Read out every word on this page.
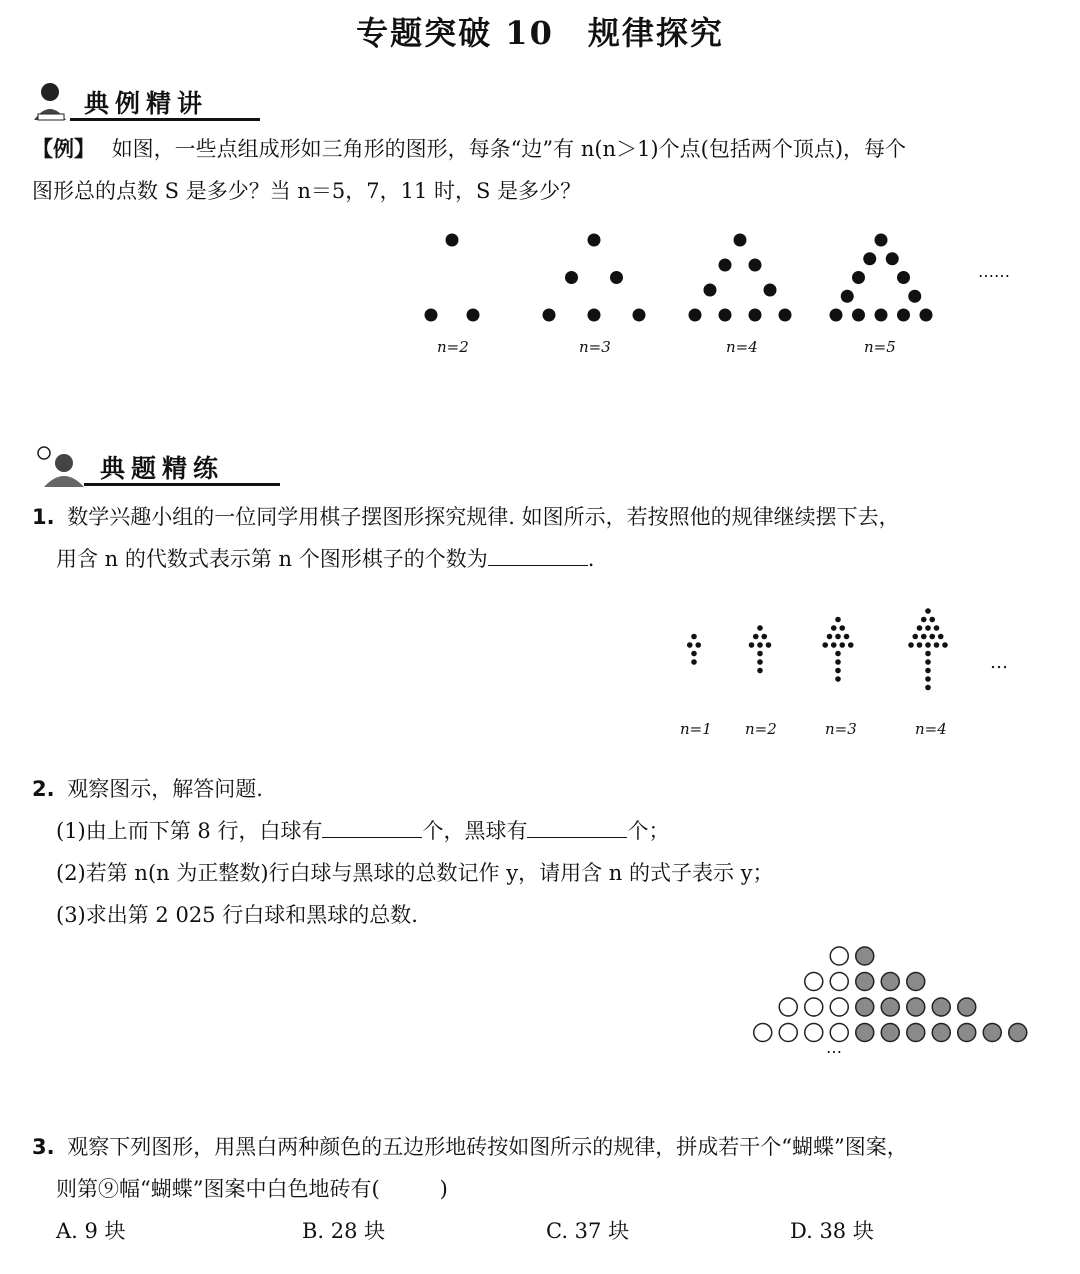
专题突破 10　规律探究
典例精讲
【例】 如图，一些点组成形如三角形的图形，每条“边”有 n(n＞1)个点(包括两个顶点)，每个
图形总的点数 S 是多少？当 n＝5，7，11 时，S 是多少？
n=2	n=3	n=4	n=5
……
典题精练
1. 数学兴趣小组的一位同学用棋子摆图形探究规律. 如图所示，若按照他的规律继续摆下去，
用含 n 的代数式表示第 n 个图形棋子的个数为	.
…
n=1 n=2	n=3	n=4
2. 观察图示，解答问题.
(1)由上而下第 8 行，白球有	个，黑球有	个；
(2)若第 n(n 为正整数)行白球与黑球的总数记作 y，请用含 n 的式子表示 y；
(3)求出第 2 025 行白球和黑球的总数.
…
3. 观察下列图形，用黑白两种颜色的五边形地砖按如图所示的规律，拼成若干个“蝴蝶”图案，
则第⑨幅“蝴蝶”图案中白色地砖有(	)
A. 9 块	B. 28 块	C. 37 块	D. 38 块
